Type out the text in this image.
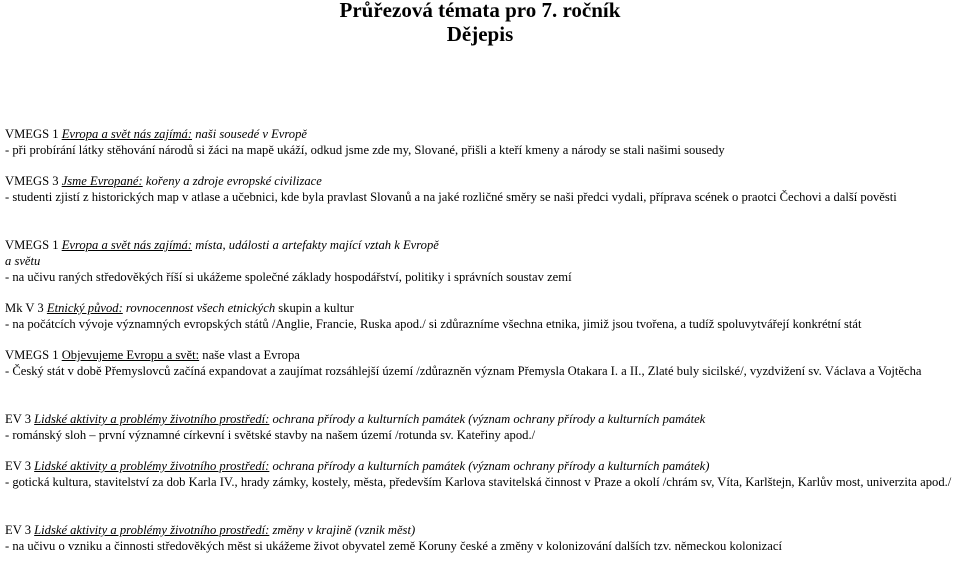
Průřezová témata pro 7. ročník
Dějepis
VMEGS 1 Evropa a svět nás zajímá: naši sousedé v Evropě
- při probírání látky stěhování národů si žáci na mapě ukáží, odkud jsme zde my, Slované, přišli a kteří kmeny a národy se stali našimi sousedy
VMEGS 3 Jsme Evropané: kořeny a zdroje evropské civilizace
- studenti zjistí z historických map v atlase a učebnici, kde byla pravlast Slovanů a na jaké rozličné směry se naši předci vydali, příprava scének o praotci Čechovi a další pověsti
VMEGS 1 Evropa a svět nás zajímá: místa, události a artefakty mající vztah k Evropě
a světu
- na učivu raných středověkých říší si ukážeme společné základy hospodářství, politiky i správních soustav zemí
Mk V 3 Etnický původ: rovnocennost všech etnických skupin a kultur
- na počátcích vývoje významných evropských států /Anglie, Francie, Ruska apod./ si zdůrazníme všechna etnika, jimiž jsou tvořena, a tudíž spoluvytvářejí konkrétní stát
VMEGS 1 Objevujeme Evropu a svět: naše vlast a Evropa
- Český stát v době Přemyslovců začíná expandovat a zaujímat rozsáhlejší území /zdůrazněn význam Přemysla Otakara I. a II., Zlaté buly sicilské/, vyzdvižení sv. Václava a Vojtěcha
EV 3 Lidské aktivity a problémy životního prostředí: ochrana přírody a kulturních památek (význam ochrany přírody a kulturních památek
- románský sloh – první významné církevní i světské stavby na našem území /rotunda sv. Kateřiny apod./
EV 3 Lidské aktivity a problémy životního prostředí: ochrana přírody a kulturních památek (význam ochrany přírody a kulturních památek)
- gotická kultura, stavitelství za dob Karla IV., hrady zámky, kostely, města, především Karlova stavitelská činnost v Praze a okolí /chrám sv, Víta, Karlštejn, Karlův most, univerzita apod./
EV 3 Lidské aktivity a problémy životního prostředí: změny v krajině (vznik měst)
- na učivu o vzniku a činnosti středověkých měst si ukážeme život obyvatel země Koruny české a změny v kolonizování dalších tzv. německou kolonizací
